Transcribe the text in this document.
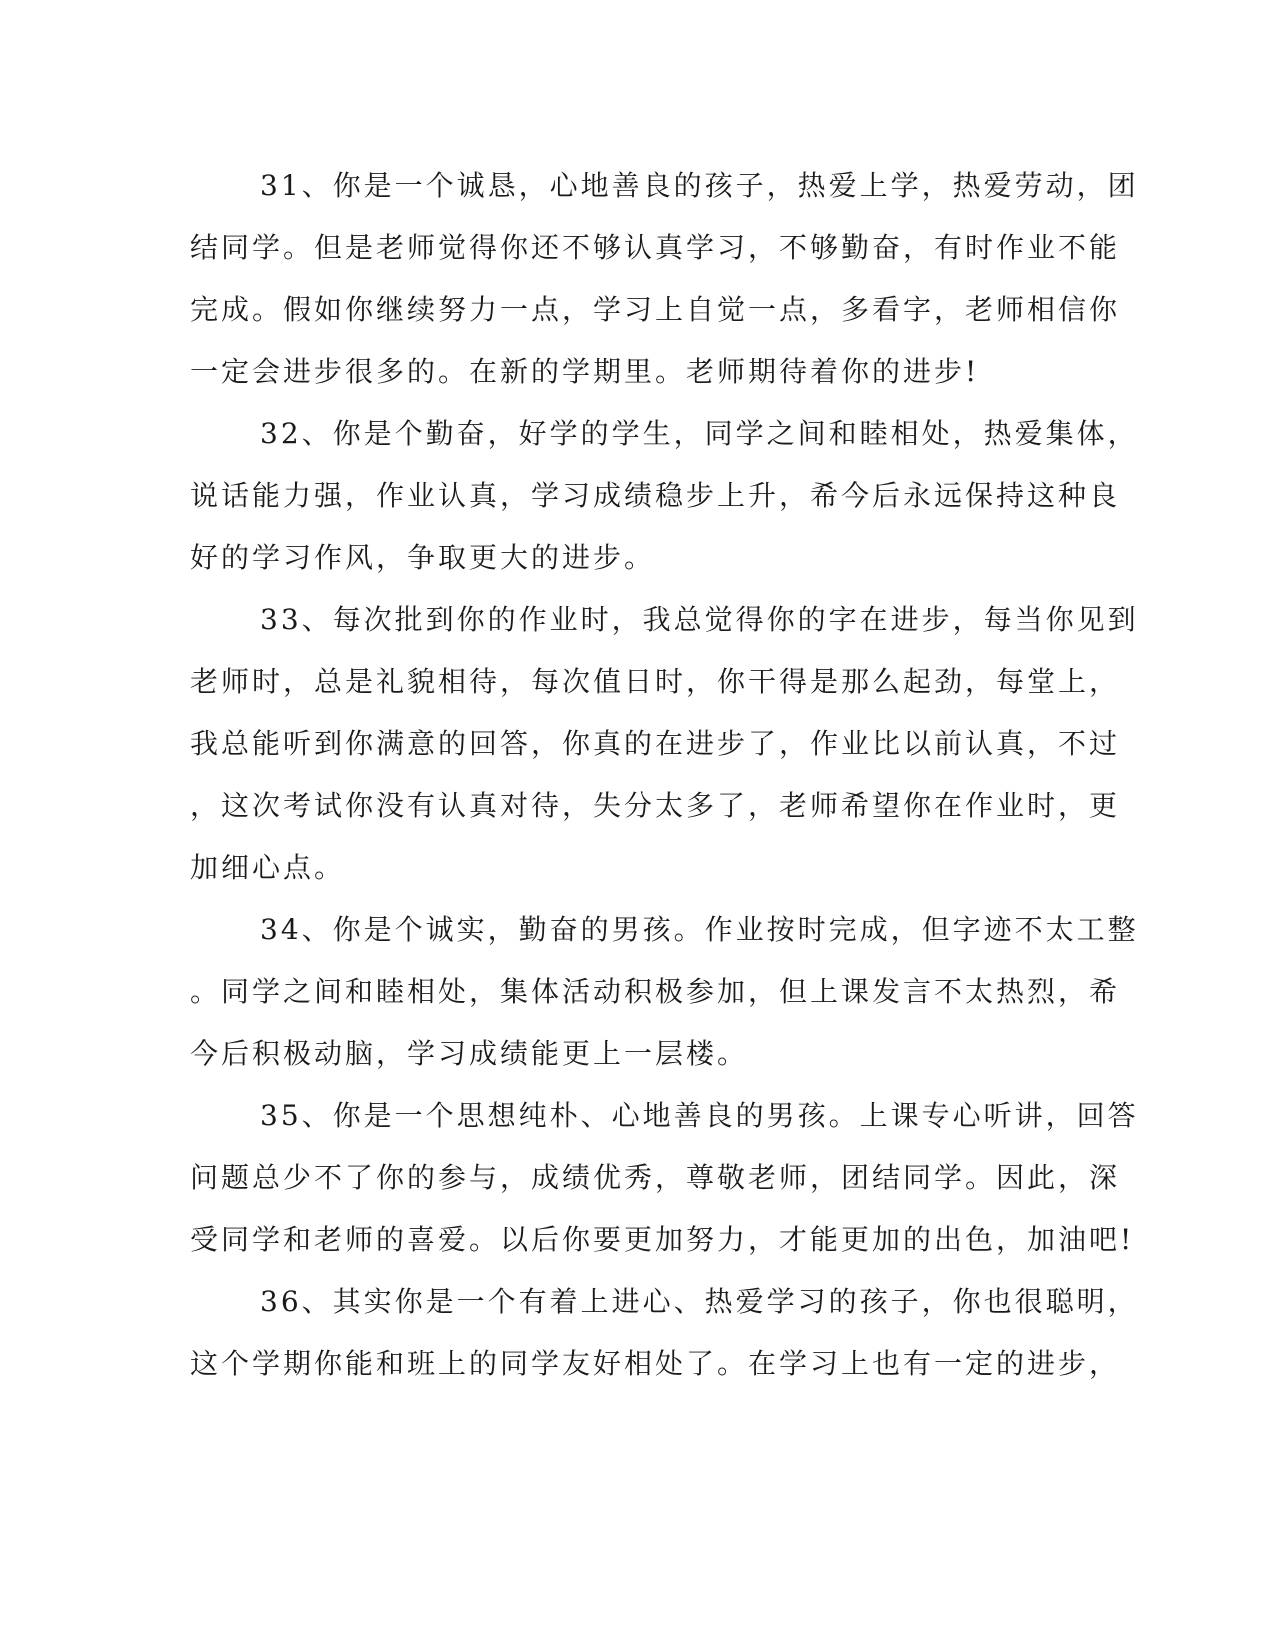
31、你是一个诚恳，心地善良的孩子，热爱上学，热爱劳动，团
结同学。但是老师觉得你还不够认真学习，不够勤奋，有时作业不能
完成。假如你继续努力一点，学习上自觉一点，多看字，老师相信你
一定会进步很多的。在新的学期里。老师期待着你的进步!
32、你是个勤奋，好学的学生，同学之间和睦相处，热爱集体，
说话能力强，作业认真，学习成绩稳步上升，希今后永远保持这种良
好的学习作风，争取更大的进步。
33、每次批到你的作业时，我总觉得你的字在进步，每当你见到
老师时，总是礼貌相待，每次值日时，你干得是那么起劲，每堂上，
我总能听到你满意的回答，你真的在进步了，作业比以前认真，不过
，这次考试你没有认真对待，失分太多了，老师希望你在作业时，更
加细心点。
34、你是个诚实，勤奋的男孩。作业按时完成，但字迹不太工整
。同学之间和睦相处，集体活动积极参加，但上课发言不太热烈，希
今后积极动脑，学习成绩能更上一层楼。
35、你是一个思想纯朴、心地善良的男孩。上课专心听讲，回答
问题总少不了你的参与，成绩优秀，尊敬老师，团结同学。因此，深
受同学和老师的喜爱。以后你要更加努力，才能更加的出色，加油吧!
36、其实你是一个有着上进心、热爱学习的孩子，你也很聪明，
这个学期你能和班上的同学友好相处了。在学习上也有一定的进步，
